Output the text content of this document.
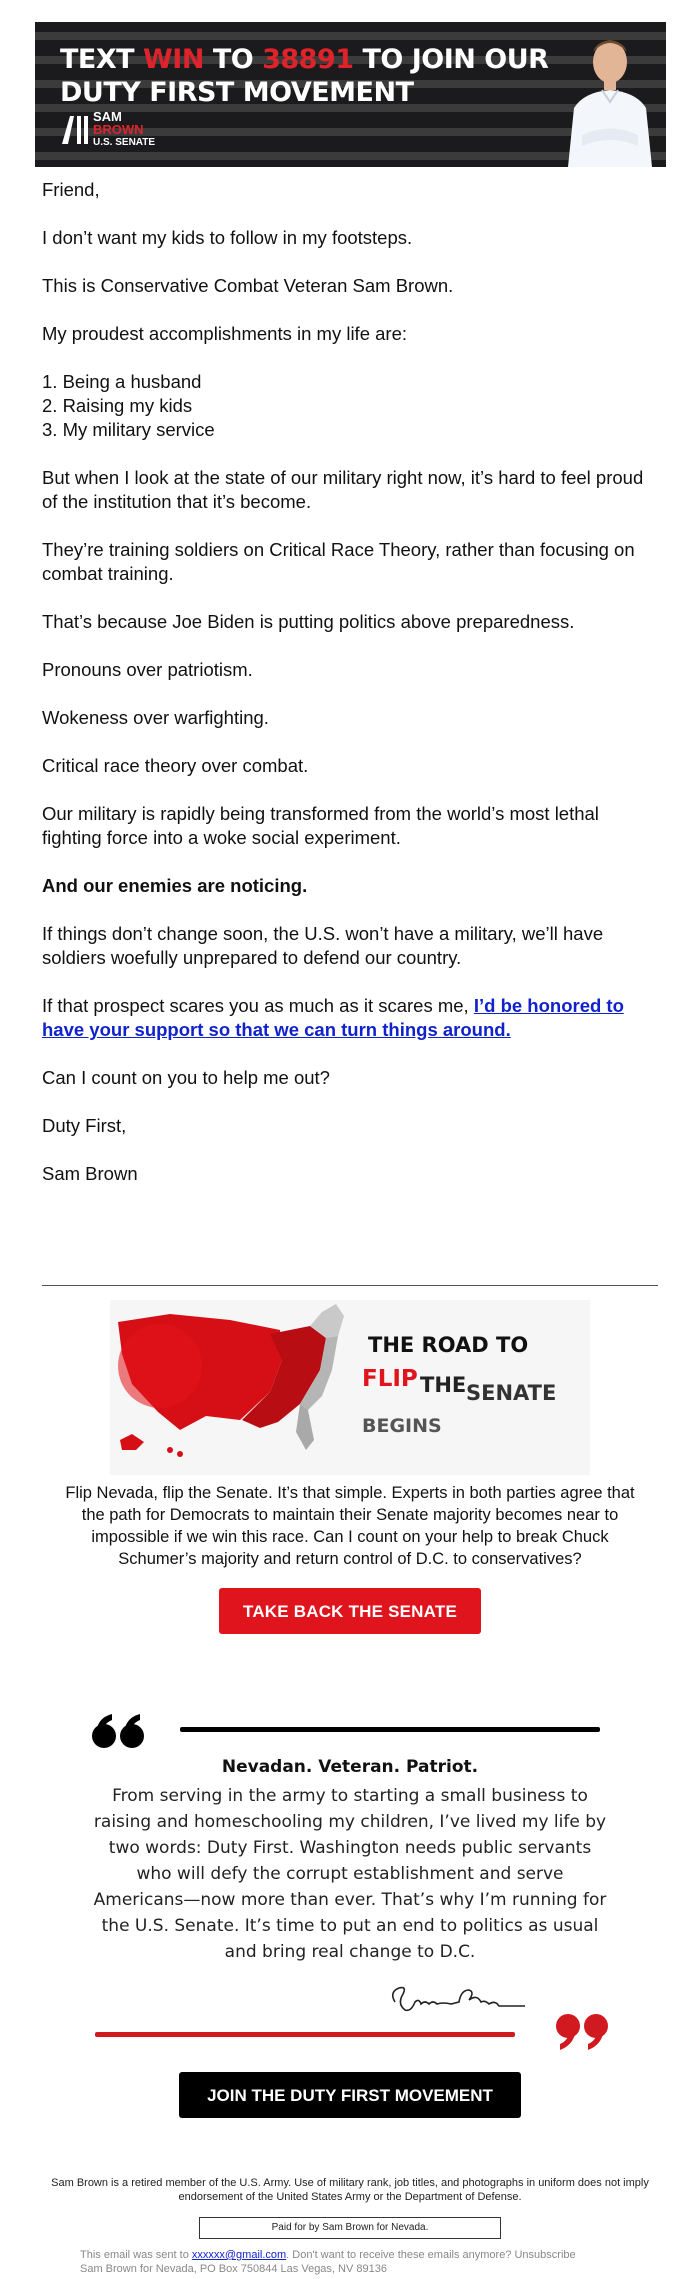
TEXT WIN TO 38891 TO JOIN OUR
DUTY FIRST MOVEMENT
SAM
BROWN
U.S. SENATE

Friend,

I don’t want my kids to follow in my footsteps.

This is Conservative Combat Veteran Sam Brown.

My proudest accomplishments in my life are:

1. Being a husband
2. Raising my kids
3. My military service

But when I look at the state of our military right now, it’s hard to feel proud of the institution that it’s become.

They’re training soldiers on Critical Race Theory, rather than focusing on combat training.

That’s because Joe Biden is putting politics above preparedness.

Pronouns over patriotism.

Wokeness over warfighting.

Critical race theory over combat.

Our military is rapidly being transformed from the world’s most lethal fighting force into a woke social experiment.

And our enemies are noticing.

If things don’t change soon, the U.S. won’t have a military, we’ll have soldiers woefully unprepared to defend our country.

If that prospect scares you as much as it scares me, I’d be honored to have your support so that we can turn things around.

Can I count on you to help me out?

Duty First,

Sam Brown

THE ROAD TO
FLIP THE SENATE
BEGINS
Flip Nevada, flip the Senate. It’s that simple. Experts in both parties agree that the path for Democrats to maintain their Senate majority becomes near to impossible if we win this race. Can I count on your help to break Chuck Schumer’s majority and return control of D.C. to conservatives?
TAKE BACK THE SENATE
Nevadan. Veteran. Patriot.
From serving in the army to starting a small business to raising and homeschooling my children, I’ve lived my life by two words: Duty First. Washington needs public servants who will defy the corrupt establishment and serve Americans—now more than ever. That’s why I’m running for the U.S. Senate. It’s time to put an end to politics as usual and bring real change to D.C.
JOIN THE DUTY FIRST MOVEMENT
Sam Brown is a retired member of the U.S. Army. Use of military rank, job titles, and photographs in uniform does not imply endorsement of the United States Army or the Department of Defense.
Paid for by Sam Brown for Nevada.
This email was sent to xxxxxx@gmail.com. Don't want to receive these emails anymore? Unsubscribe
Sam Brown for Nevada, PO Box 750844 Las Vegas, NV 89136
